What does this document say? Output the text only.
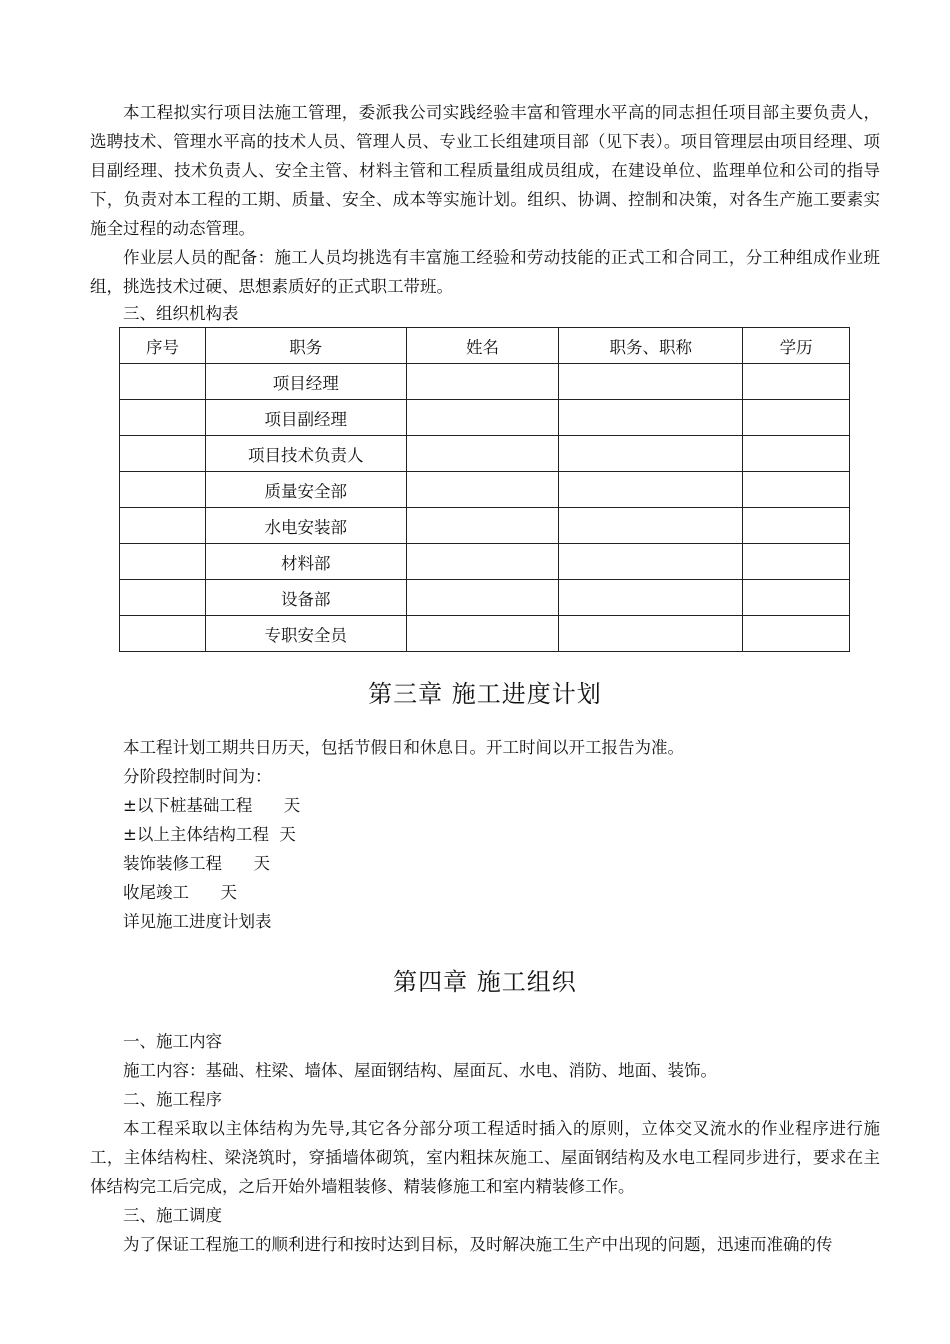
本工程拟实行项目法施工管理，委派我公司实践经验丰富和管理水平高的同志担任项目部主要负责人，选聘技术、管理水平高的技术人员、管理人员、专业工长组建项目部（见下表）。项目管理层由项目经理、项目副经理、技术负责人、安全主管、材料主管和工程质量组成员组成，在建设单位、监理单位和公司的指导下，负责对本工程的工期、质量、安全、成本等实施计划。组织、协调、控制和决策，对各生产施工要素实施全过程的动态管理。

作业层人员的配备：施工人员均挑选有丰富施工经验和劳动技能的正式工和合同工，分工种组成作业班组，挑选技术过硬、思想素质好的正式职工带班。

三、组织机构表

序号	职务	姓名	职务、职称	学历
	项目经理			
	项目副经理			
	项目技术负责人			
	质量安全部			
	水电安装部			
	材料部			
	设备部			
	专职安全员			
第三章 施工进度计划

本工程计划工期共日历天，包括节假日和休息日。开工时间以开工报告为准。

分阶段控制时间为：

±以下桩基础工程      天

±以上主体结构工程  天

装饰装修工程      天

收尾竣工      天

详见施工进度计划表

第四章 施工组织

一、施工内容

施工内容：基础、柱梁、墙体、屋面钢结构、屋面瓦、水电、消防、地面、装饰。

二、施工程序

本工程采取以主体结构为先导,其它各分部分项工程适时插入的原则，立体交叉流水的作业程序进行施工，主体结构柱、梁浇筑时，穿插墙体砌筑，室内粗抹灰施工、屋面钢结构及水电工程同步进行，要求在主体结构完工后完成，之后开始外墙粗装修、精装修施工和室内精装修工作。

三、施工调度

为了保证工程施工的顺利进行和按时达到目标，及时解决施工生产中出现的问题，迅速而准确的传
